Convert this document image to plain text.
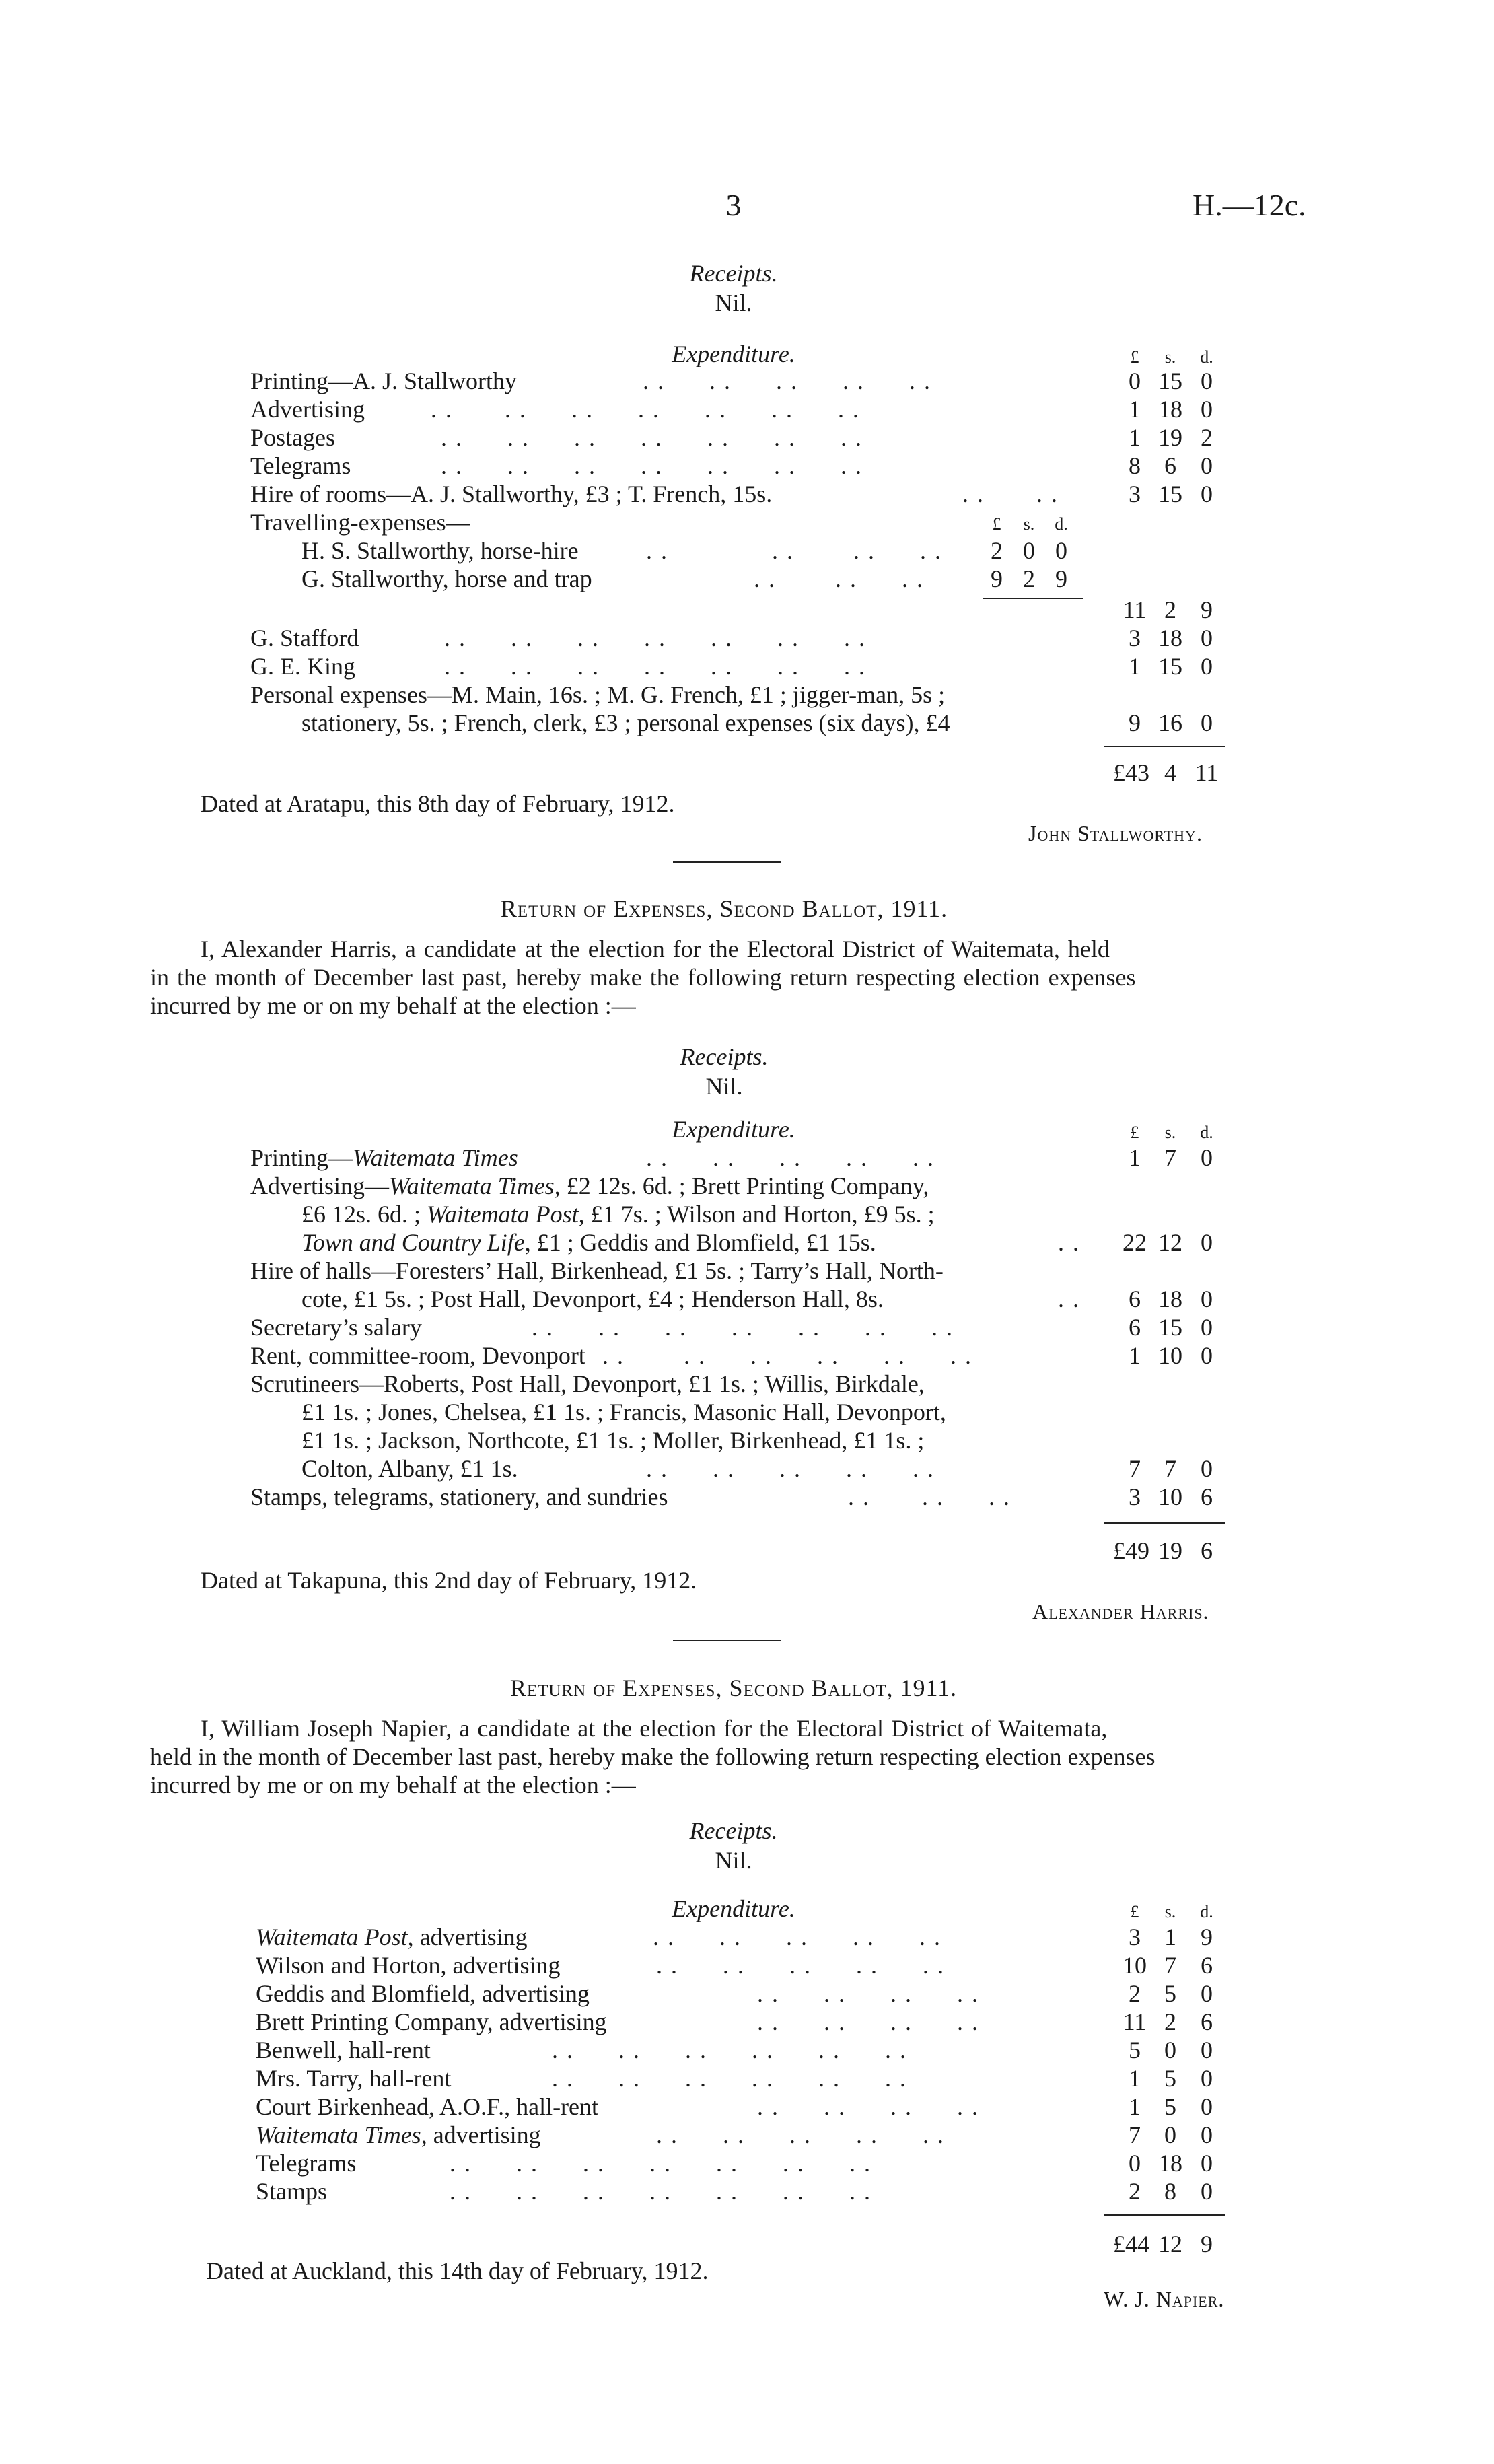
3	H.—12c.
Receipts.
Nil.
Expenditure.	£	s.	d.
Printing—A. J. Stallworthy	. .      . .      . .      . .      . .	0 15 0
Advertising	. .       . .      . .      . .      . .      . .      . .	1 18 0
Postages	. .      . .      . .      . .      . .      . .      . .	1 19 2
Telegrams	. .      . .      . .      . .      . .      . .      . .	8 6	0
Hire of rooms—A. J. Stallworthy, £3 ; T. French, 15s.	. .       . .	3 15 0
Travelling-expenses—	£	s.	d.
H. S. Stallworthy, horse-hire	. .              . .        . .      . .	2 0 0
G. Stallworthy, horse and trap	. .        . .      . .	9 2 9
11 2	9
G. Stafford	. .      . .      . .      . .      . .      . .      . .	3 18 0
G. E. King	. .      . .      . .      . .      . .      . .      . .	1 15 0
Personal expenses—M. Main, 16s. ; M. G. French, £1 ; jigger-man, 5s ;
stationery, 5s. ; French, clerk, £3 ; personal expenses (six days), £4	9 16 0
£43 4 11
Dated at Aratapu, this 8th day of February, 1912.
John Stallworthy.
Return of Expenses, Second Ballot, 1911.
I, Alexander Harris, a candidate at the election for the Electoral District of Waitemata, held
in the month of December last past, hereby make the following return respecting election expenses
incurred by me or on my behalf at the election :—
Receipts.
Nil.
Expenditure.	£	s.	d.
Printing—Waitemata Times	. .      . .      . .      . .      . .	1 7	0
Advertising—Waitemata Times, £2 12s. 6d. ; Brett Printing Company,
£6 12s. 6d. ; Waitemata Post, £1 7s. ; Wilson and Horton, £9 5s. ;
Town and Country Life, £1 ; Geddis and Blomfield, £1 15s.	. . 22 12 0
Hire of halls—Foresters’ Hall, Birkenhead, £1 5s. ; Tarry’s Hall, North-
cote, £1 5s. ; Post Hall, Devonport, £4 ; Henderson Hall, 8s.	. .	6 18 0
Secretary’s salary	. .      . .      . .      . .      . .      . .      . .	6 15 0
Rent, committee-room, Devonport . .        . .      . .      . .      . .      . .	1 10 0
Scrutineers—Roberts, Post Hall, Devonport, £1 1s. ; Willis, Birkdale,
£1 1s. ; Jones, Chelsea, £1 1s. ; Francis, Masonic Hall, Devonport,
£1 1s. ; Jackson, Northcote, £1 1s. ; Moller, Birkenhead, £1 1s. ;
Colton, Albany, £1 1s.	. .      . .      . .      . .      . .	7 7	0
Stamps, telegrams, stationery, and sundries	. .       . .      . .	3 10 6
£49 19 6
Dated at Takapuna, this 2nd day of February, 1912.
Alexander Harris.
Return of Expenses, Second Ballot, 1911.
I, William Joseph Napier, a candidate at the election for the Electoral District of Waitemata,
held in the month of December last past, hereby make the following return respecting election expenses
incurred by me or on my behalf at the election :—
Receipts.
Nil.
Expenditure.	£	s.	d.
Waitemata Post, advertising	. .      . .      . .      . .      . .	3 1	9
Wilson and Horton, advertising	. .      . .      . .      . .      . .	10 7	6
Geddis and Blomfield, advertising	. .      . .      . .      . .	2 5	0
Brett Printing Company, advertising	. .      . .      . .      . .	11 2	6
Benwell, hall-rent	. .      . .      . .      . .      . .      . .	5 0	0
Mrs. Tarry, hall-rent	. .      . .      . .      . .      . .      . .	1 5	0
Court Birkenhead, A.O.F., hall-rent	. .      . .      . .      . .	1 5	0
Waitemata Times, advertising	. .      . .      . .      . .      . .	7 0	0
Telegrams	. .      . .      . .      . .      . .      . .      . .	0 18 0
Stamps	. .      . .      . .      . .      . .      . .      . .	2 8	0
£44 12 9
Dated at Auckland, this 14th day of February, 1912.
W. J. Napier.
